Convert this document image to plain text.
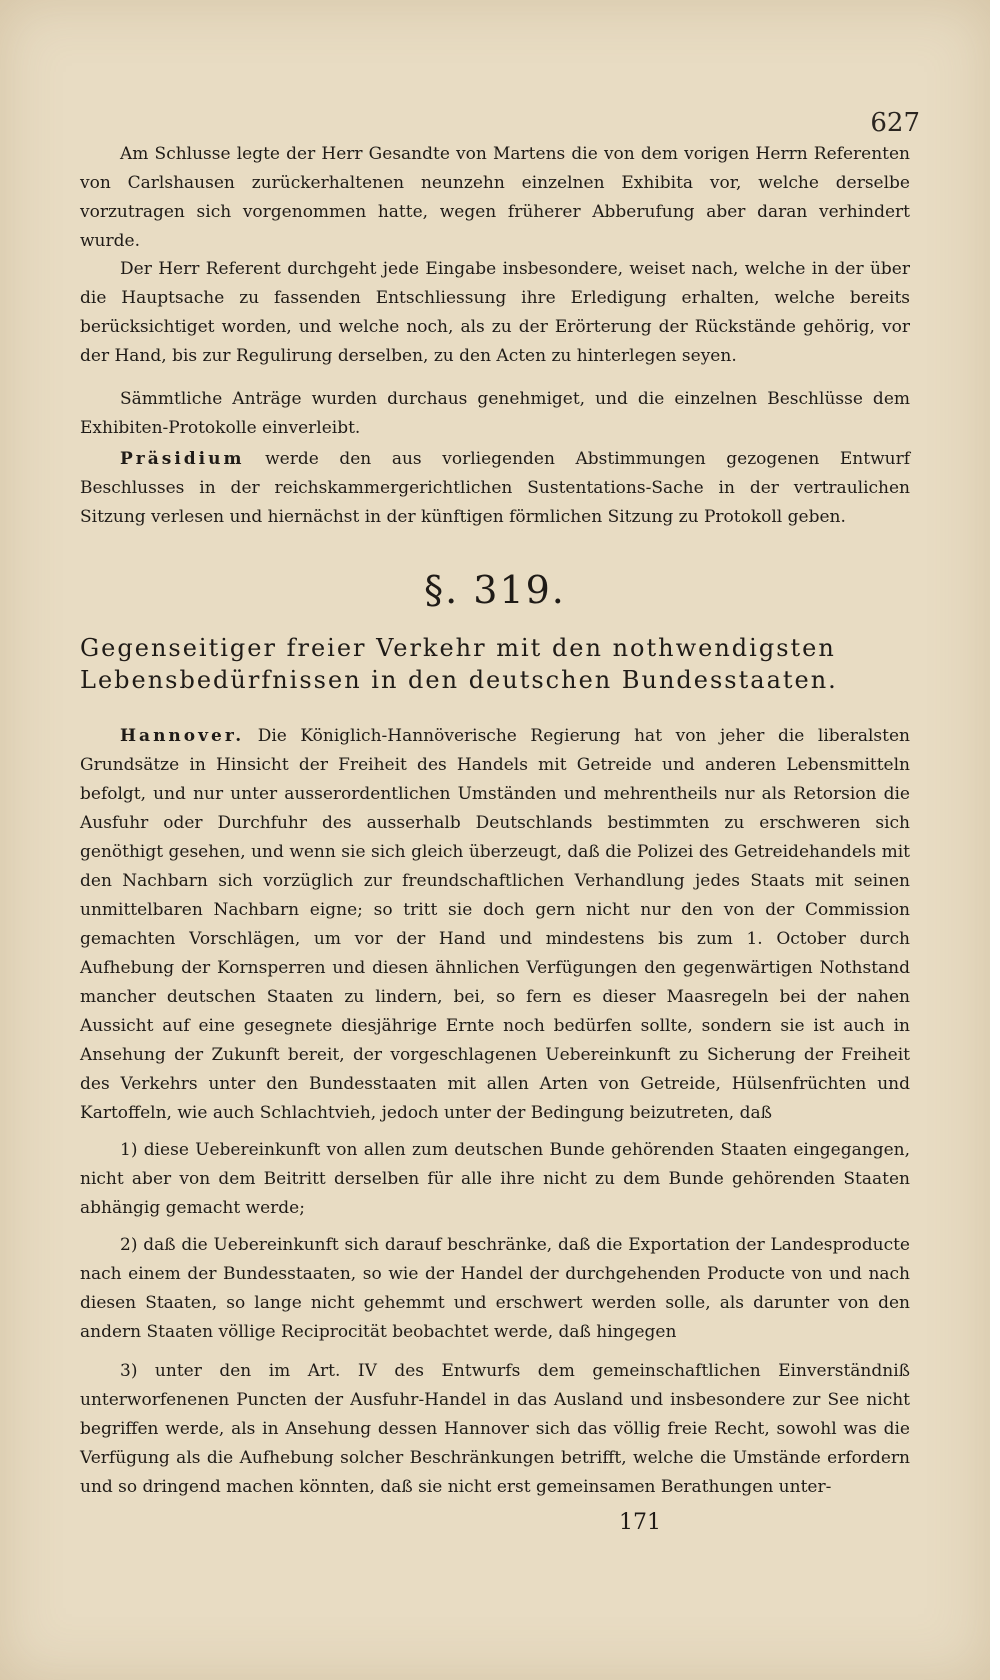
627
Am Schlusse legte der Herr Gesandte von Martens die von dem vorigen Herrn Referenten von Carlshausen zurückerhaltenen neunzehn einzelnen Exhibita vor, welche derselbe vorzutragen sich vorgenommen hatte, wegen früherer Abberufung aber daran verhindert wurde.
Der Herr Referent durchgeht jede Eingabe insbesondere, weiset nach, welche in der über die Hauptsache zu fassenden Entschliessung ihre Erledigung erhalten, welche bereits berücksichtiget worden, und welche noch, als zu der Erörterung der Rückstände gehörig, vor der Hand, bis zur Regulirung derselben, zu den Acten zu hinterlegen seyen.
Sämmtliche Anträge wurden durchaus genehmiget, und die einzelnen Beschlüsse dem Exhibiten-Protokolle einverleibt.
Präsidium werde den aus vorliegenden Abstimmungen gezogenen Entwurf Beschlusses in der reichskammergerichtlichen Sustentations-Sache in der vertraulichen Sitzung verlesen und hiernächst in der künftigen förmlichen Sitzung zu Protokoll geben.
§. 319.
Gegenseitiger freier Verkehr mit den nothwendigsten Lebensbedürfnissen in den deutschen Bundesstaaten.
Hannover. Die Königlich-Hannöverische Regierung hat von jeher die liberalsten Grundsätze in Hinsicht der Freiheit des Handels mit Getreide und anderen Lebensmitteln befolgt, und nur unter ausserordentlichen Umständen und mehrentheils nur als Retorsion die Ausfuhr oder Durchfuhr des ausserhalb Deutschlands bestimmten zu erschweren sich genöthigt gesehen, und wenn sie sich gleich überzeugt, daß die Polizei des Getreidehandels mit den Nachbarn sich vorzüglich zur freundschaftlichen Verhandlung jedes Staats mit seinen unmittelbaren Nachbarn eigne; so tritt sie doch gern nicht nur den von der Commission gemachten Vorschlägen, um vor der Hand und mindestens bis zum 1. October durch Aufhebung der Kornsperren und diesen ähnlichen Verfügungen den gegenwärtigen Nothstand mancher deutschen Staaten zu lindern, bei, so fern es dieser Maasregeln bei der nahen Aussicht auf eine gesegnete diesjährige Ernte noch bedürfen sollte, sondern sie ist auch in Ansehung der Zukunft bereit, der vorgeschlagenen Uebereinkunft zu Sicherung der Freiheit des Verkehrs unter den Bundesstaaten mit allen Arten von Getreide, Hülsenfrüchten und Kartoffeln, wie auch Schlachtvieh, jedoch unter der Bedingung beizutreten, daß
1) diese Uebereinkunft von allen zum deutschen Bunde gehörenden Staaten eingegangen, nicht aber von dem Beitritt derselben für alle ihre nicht zu dem Bunde gehörenden Staaten abhängig gemacht werde;
2) daß die Uebereinkunft sich darauf beschränke, daß die Exportation der Landesproducte nach einem der Bundesstaaten, so wie der Handel der durchgehenden Producte von und nach diesen Staaten, so lange nicht gehemmt und erschwert werden solle, als darunter von den andern Staaten völlige Reciprocität beobachtet werde, daß hingegen
3) unter den im Art. IV des Entwurfs dem gemeinschaftlichen Einverständniß unterworfenenen Puncten der Ausfuhr-Handel in das Ausland und insbesondere zur See nicht begriffen werde, als in Ansehung dessen Hannover sich das völlig freie Recht, sowohl was die Verfügung als die Aufhebung solcher Beschränkungen betrifft, welche die Umstände erfordern und so dringend machen könnten, daß sie nicht erst gemeinsamen Berathungen unter-
171
